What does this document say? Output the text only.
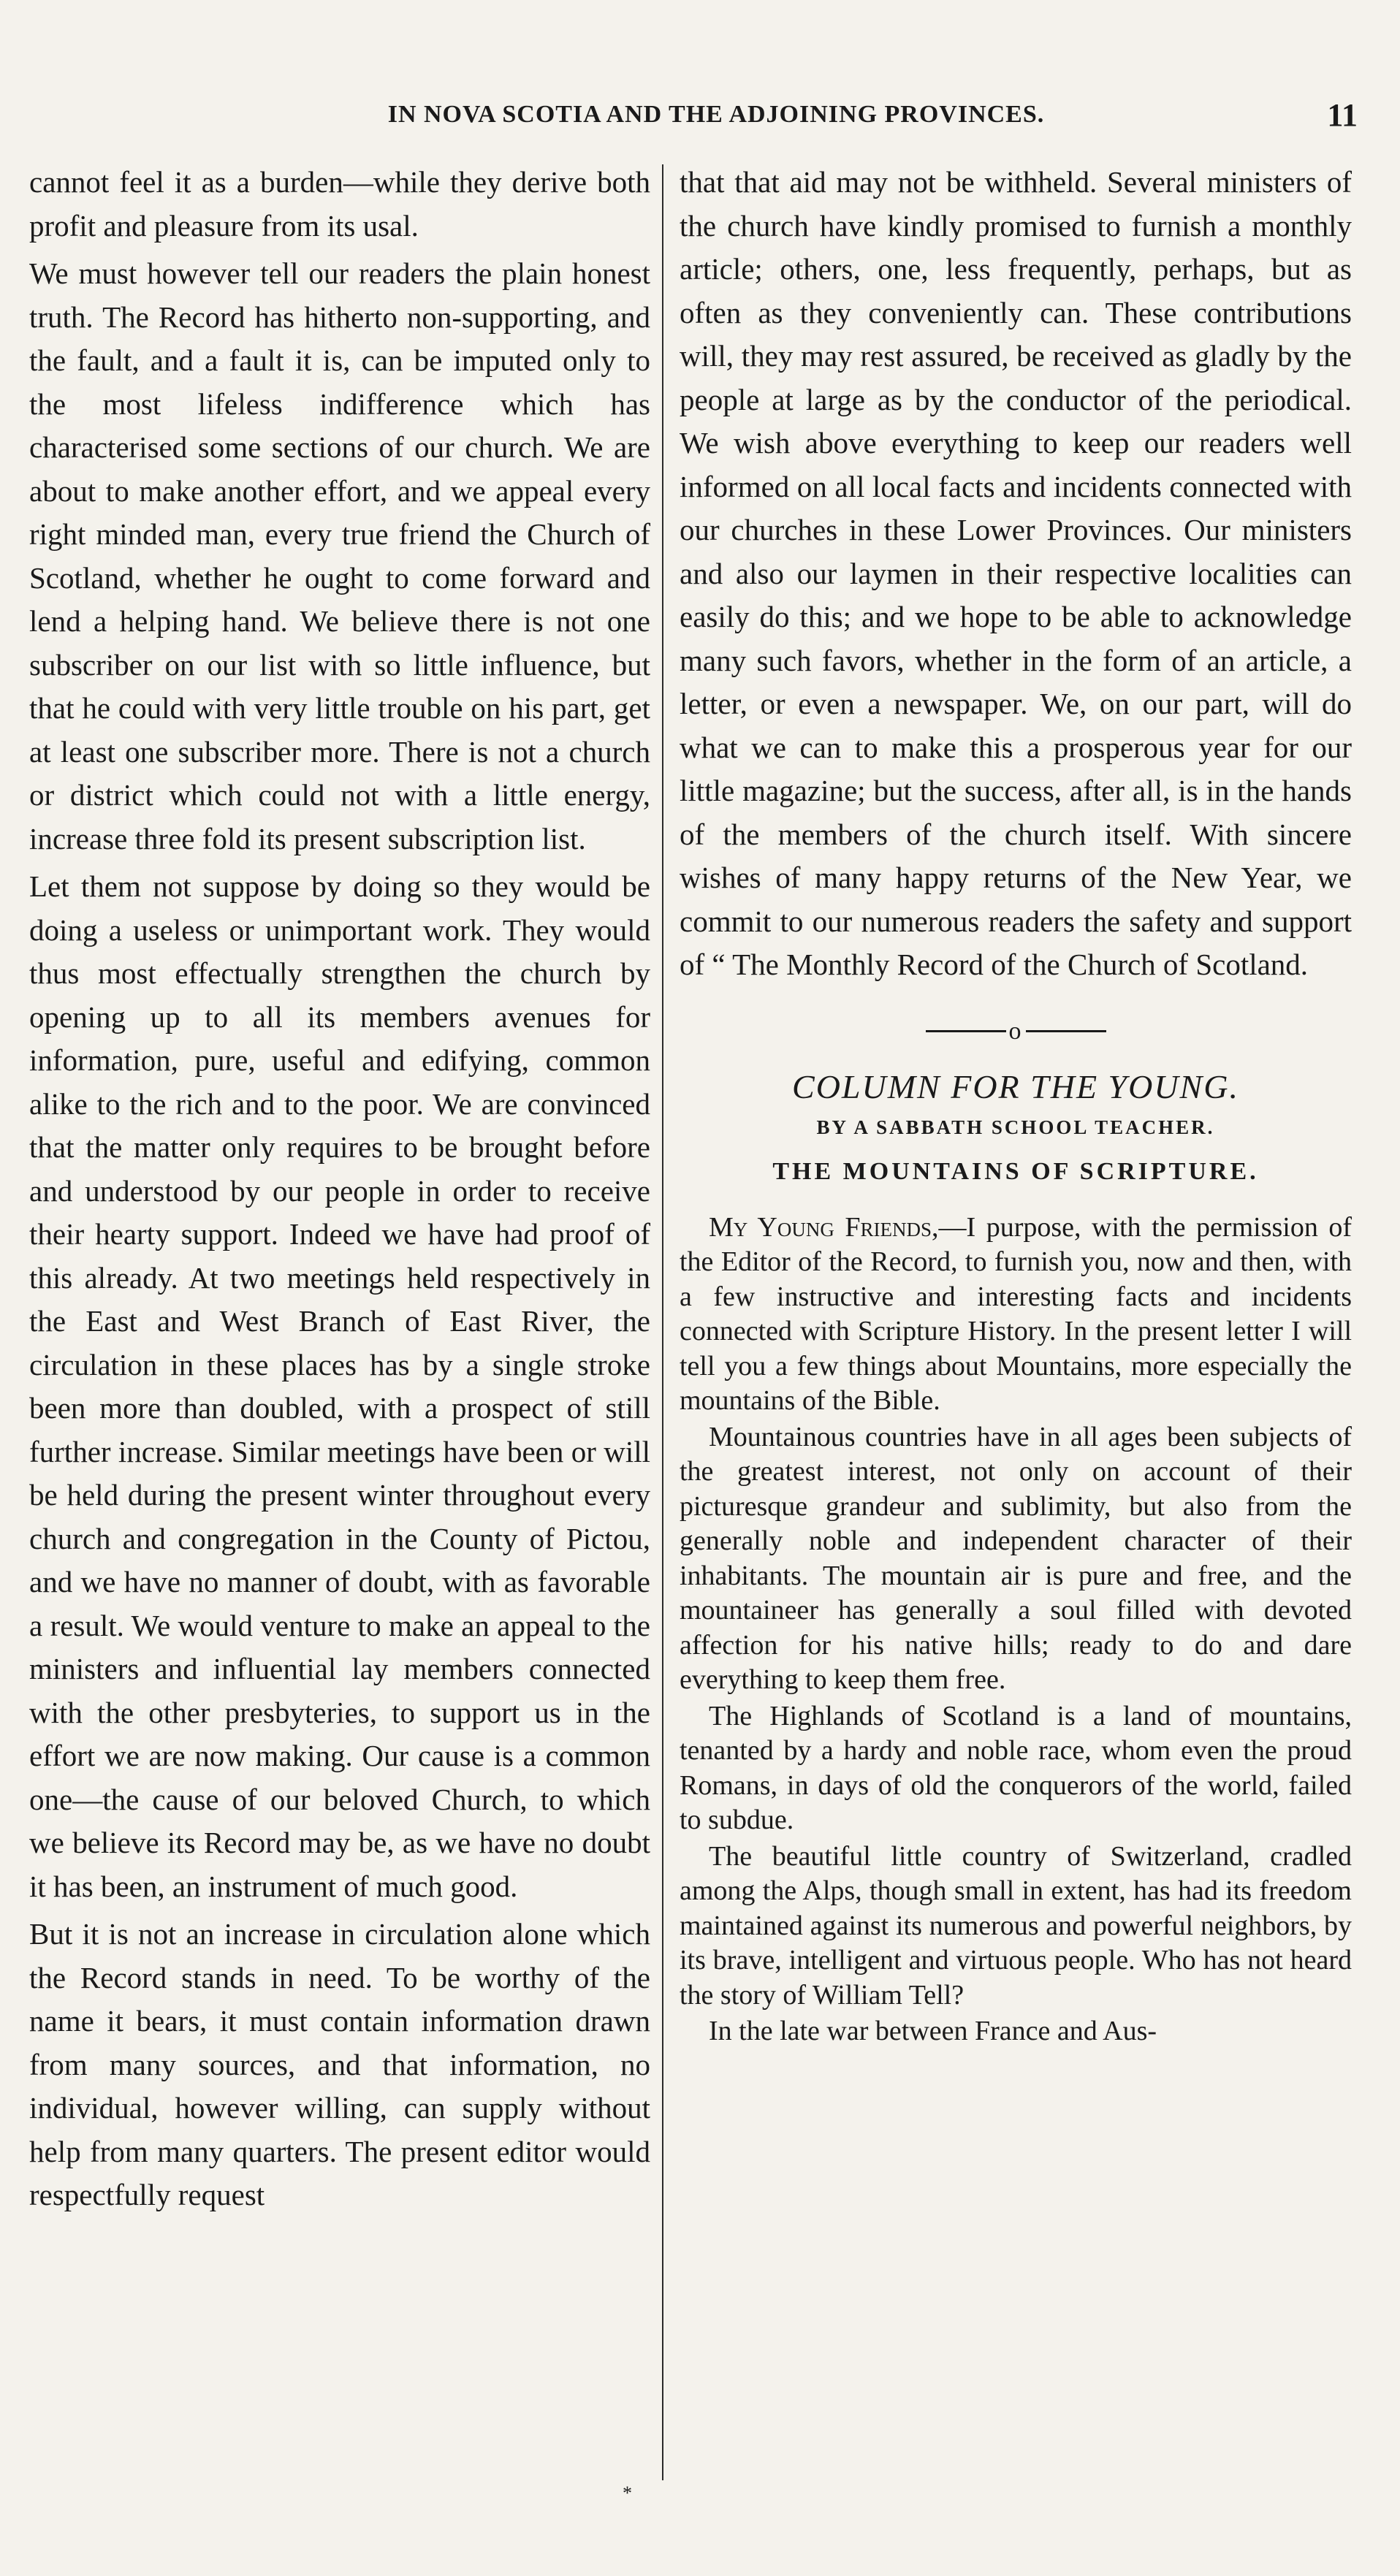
IN NOVA SCOTIA AND THE ADJOINING PROVINCES.	11

cannot feel it as a burden—while they derive both profit and pleasure from its usal.

We must however tell our readers the plain honest truth. The Record has hitherto non-supporting, and the fault, and a fault it is, can be imputed only to the most lifeless indifference which has characterised some sections of our church. We are about to make another effort, and we appeal every right minded man, every true friend the Church of Scotland, whether he ought to come forward and lend a helping hand. We believe there is not one subscriber on our list with so little influence, but that he could with very little trouble on his part, get at least one subscriber more. There is not a church or district which could not with a little energy, increase three fold its present subscription list.

Let them not suppose by doing so they would be doing a useless or unimportant work. They would thus most effectually strengthen the church by opening up to all its members avenues for information, pure, useful and edifying, common alike to the rich and to the poor. We are convinced that the matter only requires to be brought before and understood by our people in order to receive their hearty support. Indeed we have had proof of this already. At two meetings held respectively in the East and West Branch of East River, the circulation in these places has by a single stroke been more than doubled, with a prospect of still further increase. Similar meetings have been or will be held during the present winter throughout every church and congregation in the County of Pictou, and we have no manner of doubt, with as favorable a result. We would venture to make an appeal to the ministers and influential lay members connected with the other presbyteries, to support us in the effort we are now making. Our cause is a common one—the cause of our beloved Church, to which we believe its Record may be, as we have no doubt it has been, an instrument of much good.

But it is not an increase in circulation alone which the Record stands in need. To be worthy of the name it bears, it must contain information drawn from many sources, and that information, no individual, however willing, can supply without help from many quarters. The present editor would respectfully request

that that aid may not be withheld. Several ministers of the church have kindly promised to furnish a monthly article; others, one, less frequently, perhaps, but as often as they conveniently can. These contributions will, they may rest assured, be received as gladly by the people at large as by the conductor of the periodical. We wish above everything to keep our readers well informed on all local facts and incidents connected with our churches in these Lower Provinces. Our ministers and also our laymen in their respective localities can easily do this; and we hope to be able to acknowledge many such favors, whether in the form of an article, a letter, or even a newspaper. We, on our part, will do what we can to make this a prosperous year for our little magazine; but the success, after all, is in the hands of the members of the church itself. With sincere wishes of many happy returns of the New Year, we commit to our numerous readers the safety and support of “ The Monthly Record of the Church of Scotland.

o
COLUMN FOR THE YOUNG.
BY A SABBATH SCHOOL TEACHER.
THE MOUNTAINS OF SCRIPTURE.

My Young Friends,—I purpose, with the permission of the Editor of the Record, to furnish you, now and then, with a few instructive and interesting facts and incidents connected with Scripture History. In the present letter I will tell you a few things about Mountains, more especially the mountains of the Bible.

Mountainous countries have in all ages been subjects of the greatest interest, not only on account of their picturesque grandeur and sublimity, but also from the generally noble and independent character of their inhabitants. The mountain air is pure and free, and the mountaineer has generally a soul filled with devoted affection for his native hills; ready to do and dare everything to keep them free.

The Highlands of Scotland is a land of mountains, tenanted by a hardy and noble race, whom even the proud Romans, in days of old the conquerors of the world, failed to subdue.

The beautiful little country of Switzerland, cradled among the Alps, though small in extent, has had its freedom maintained against its numerous and powerful neighbors, by its brave, intelligent and virtuous people. Who has not heard the story of William Tell?

In the late war between France and Aus-

*
